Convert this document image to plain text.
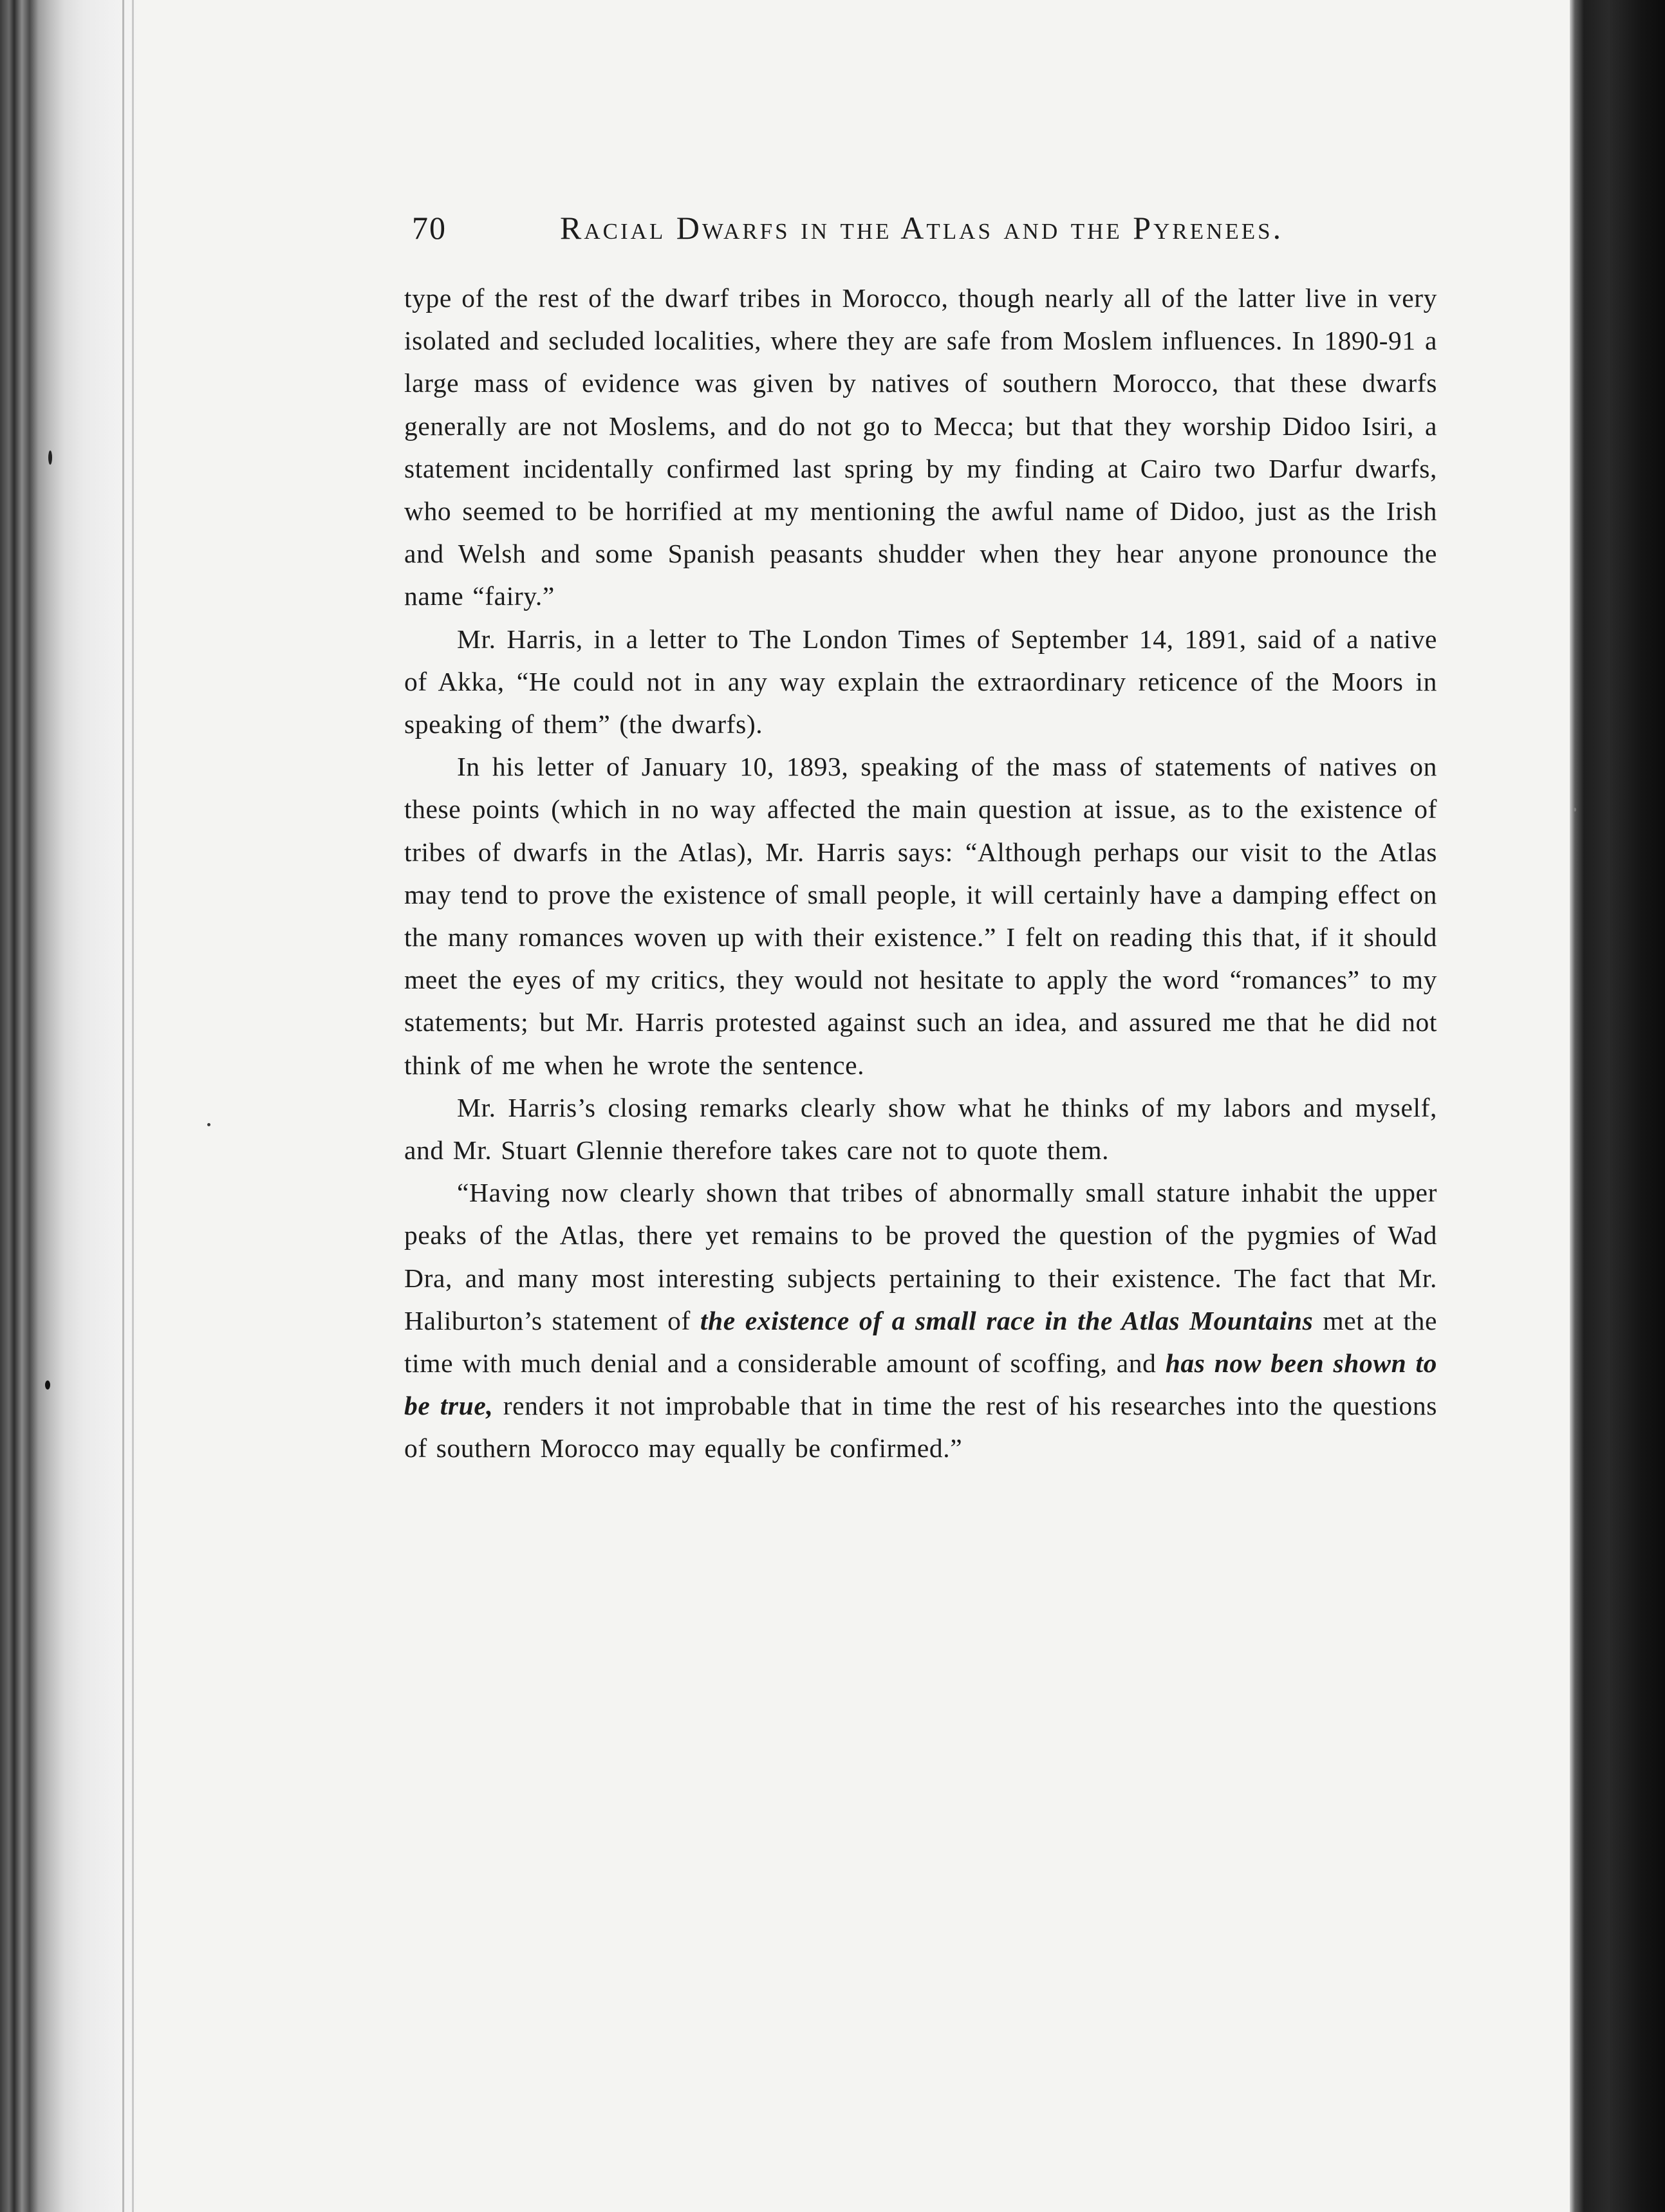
70	Racial Dwarfs in the Atlas and the Pyrenees.

type of the rest of the dwarf tribes in Morocco, though nearly all of the latter live in very isolated and secluded localities, where they are safe from Moslem influences. In 1890-91 a large mass of evidence was given by natives of southern Morocco, that these dwarfs generally are not Moslems, and do not go to Mecca; but that they worship Didoo Isiri, a statement incidentally confirmed last spring by my finding at Cairo two Darfur dwarfs, who seemed to be horrified at my mentioning the awful name of Didoo, just as the Irish and Welsh and some Spanish peasants shudder when they hear anyone pronounce the name “fairy.”

Mr. Harris, in a letter to The London Times of September 14, 1891, said of a native of Akka, “He could not in any way explain the extraordinary reticence of the Moors in speaking of them” (the dwarfs).

In his letter of January 10, 1893, speaking of the mass of statements of natives on these points (which in no way affected the main question at issue, as to the existence of tribes of dwarfs in the Atlas), Mr. Harris says: “Although perhaps our visit to the Atlas may tend to prove the existence of small people, it will certainly have a damping effect on the many romances woven up with their existence.” I felt on reading this that, if it should meet the eyes of my critics, they would not hesitate to apply the word “romances” to my statements; but Mr. Harris protested against such an idea, and assured me that he did not think of me when he wrote the sentence.

Mr. Harris’s closing remarks clearly show what he thinks of my labors and myself, and Mr. Stuart Glennie therefore takes care not to quote them.

“Having now clearly shown that tribes of abnormally small stature inhabit the upper peaks of the Atlas, there yet remains to be proved the question of the pygmies of Wad Dra, and many most interesting subjects pertaining to their existence. The fact that Mr. Haliburton’s statement of the existence of a small race in the Atlas Mountains met at the time with much denial and a considerable amount of scoffing, and has now been shown to be true, renders it not improbable that in time the rest of his researches into the questions of southern Morocco may equally be confirmed.”
